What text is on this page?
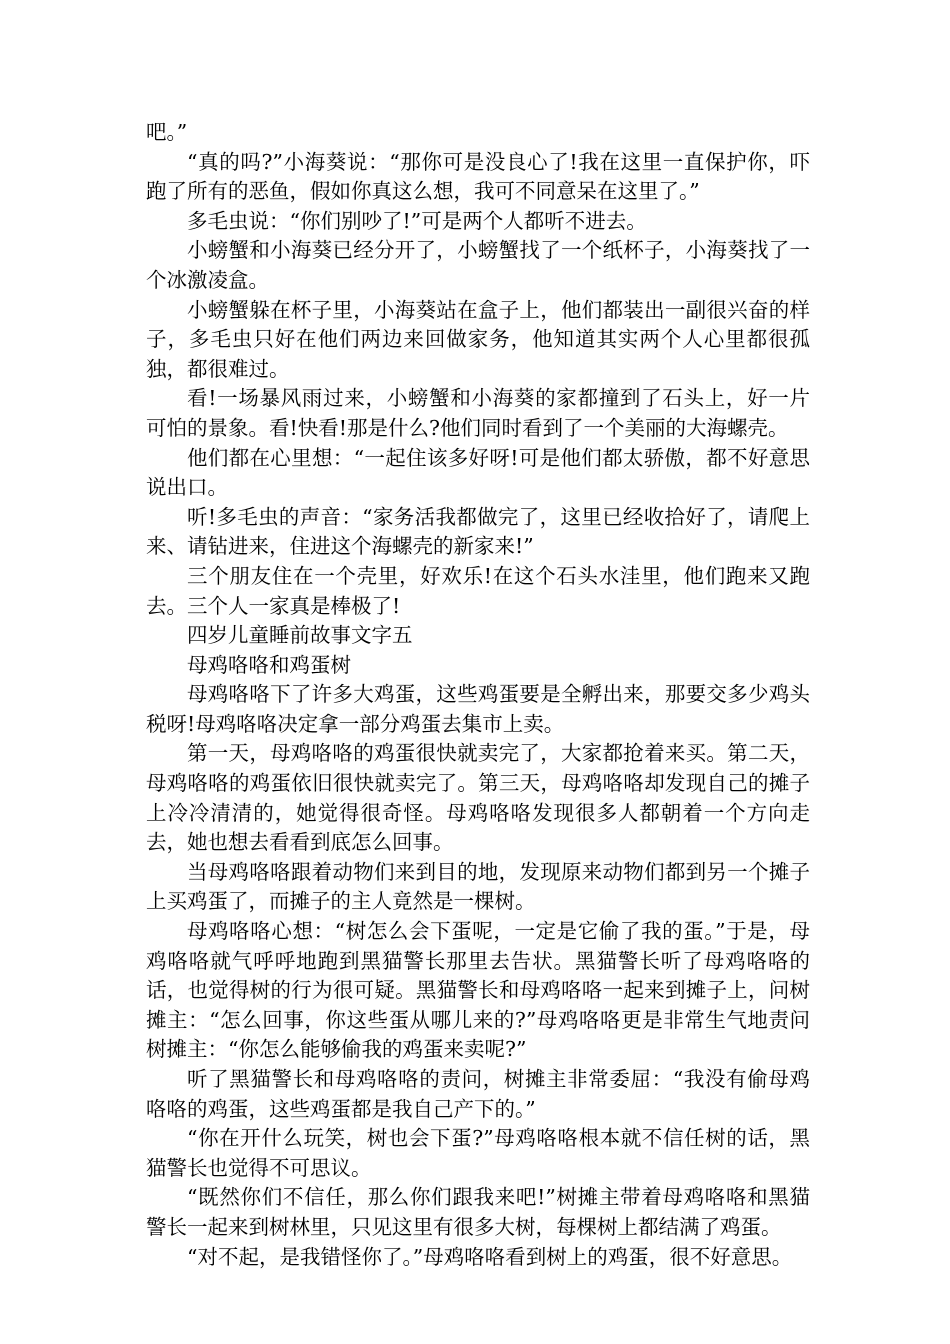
吧。”

“真的吗?”小海葵说：“那你可是没良心了!我在这里一直保护你，吓跑了所有的恶鱼，假如你真这么想，我可不同意呆在这里了。”

多毛虫说：“你们别吵了!”可是两个人都听不进去。

小螃蟹和小海葵已经分开了，小螃蟹找了一个纸杯子，小海葵找了一个冰激凌盒。

小螃蟹躲在杯子里，小海葵站在盒子上，他们都装出一副很兴奋的样子，多毛虫只好在他们两边来回做家务，他知道其实两个人心里都很孤独，都很难过。

看!一场暴风雨过来，小螃蟹和小海葵的家都撞到了石头上，好一片可怕的景象。看!快看!那是什么?他们同时看到了一个美丽的大海螺壳。

他们都在心里想：“一起住该多好呀!可是他们都太骄傲，都不好意思说出口。

听!多毛虫的声音：“家务活我都做完了，这里已经收拾好了，请爬上来、请钻进来，住进这个海螺壳的新家来!”

三个朋友住在一个壳里，好欢乐!在这个石头水洼里，他们跑来又跑去。三个人一家真是棒极了!

四岁儿童睡前故事文字五

母鸡咯咯和鸡蛋树

母鸡咯咯下了许多大鸡蛋，这些鸡蛋要是全孵出来，那要交多少鸡头税呀!母鸡咯咯决定拿一部分鸡蛋去集市上卖。

第一天，母鸡咯咯的鸡蛋很快就卖完了，大家都抢着来买。第二天，母鸡咯咯的鸡蛋依旧很快就卖完了。第三天，母鸡咯咯却发现自己的摊子上冷冷清清的，她觉得很奇怪。母鸡咯咯发现很多人都朝着一个方向走去，她也想去看看到底怎么回事。

当母鸡咯咯跟着动物们来到目的地，发现原来动物们都到另一个摊子上买鸡蛋了，而摊子的主人竟然是一棵树。

母鸡咯咯心想：“树怎么会下蛋呢，一定是它偷了我的蛋。”于是，母鸡咯咯就气呼呼地跑到黑猫警长那里去告状。黑猫警长听了母鸡咯咯的话，也觉得树的行为很可疑。黑猫警长和母鸡咯咯一起来到摊子上，问树摊主：“怎么回事，你这些蛋从哪儿来的?”母鸡咯咯更是非常生气地责问树摊主：“你怎么能够偷我的鸡蛋来卖呢?”

听了黑猫警长和母鸡咯咯的责问，树摊主非常委屈：“我没有偷母鸡咯咯的鸡蛋，这些鸡蛋都是我自己产下的。”

“你在开什么玩笑，树也会下蛋?”母鸡咯咯根本就不信任树的话，黑猫警长也觉得不可思议。

“既然你们不信任，那么你们跟我来吧!”树摊主带着母鸡咯咯和黑猫警长一起来到树林里，只见这里有很多大树，每棵树上都结满了鸡蛋。

“对不起，是我错怪你了。”母鸡咯咯看到树上的鸡蛋，很不好意思。
